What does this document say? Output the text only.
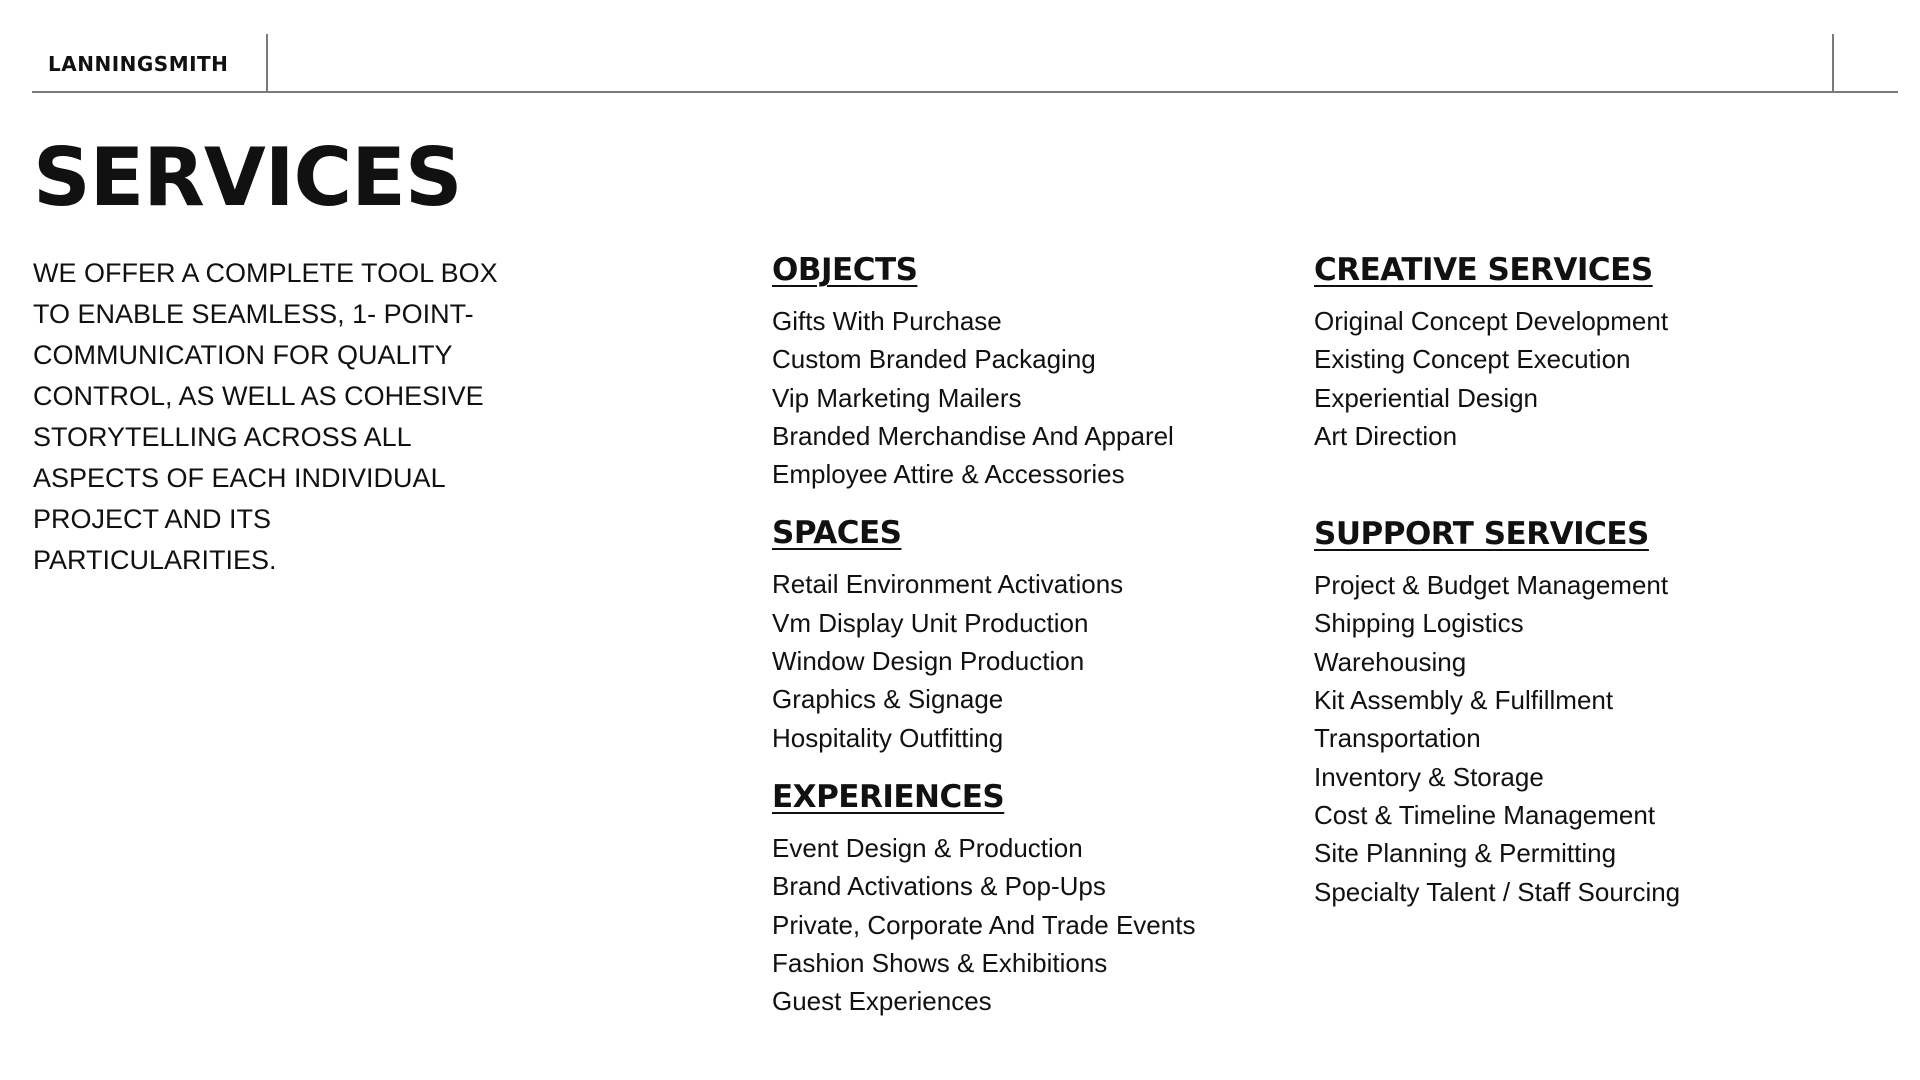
LANNINGSMITH
SERVICES

WE OFFER A COMPLETE TOOL BOX TO ENABLE SEAMLESS, 1- POINT-COMMUNICATION FOR QUALITY CONTROL, AS WELL AS COHESIVE STORYTELLING ACROSS ALL ASPECTS OF EACH INDIVIDUAL PROJECT AND ITS PARTICULARITIES.

OBJECTS
Gifts With Purchase
Custom Branded Packaging
Vip Marketing Mailers
Branded Merchandise And Apparel
Employee Attire & Accessories
SPACES
Retail Environment Activations
Vm Display Unit Production
Window Design Production
Graphics & Signage
Hospitality Outfitting
EXPERIENCES
Event Design & Production
Brand Activations & Pop-Ups
Private, Corporate And Trade Events
Fashion Shows & Exhibitions
Guest Experiences
CREATIVE SERVICES
Original Concept Development
Existing Concept Execution
Experiential Design
Art Direction
SUPPORT SERVICES
Project & Budget Management
Shipping Logistics
Warehousing
Kit Assembly & Fulfillment
Transportation
Inventory & Storage
Cost & Timeline Management
Site Planning & Permitting
Specialty Talent / Staff Sourcing
